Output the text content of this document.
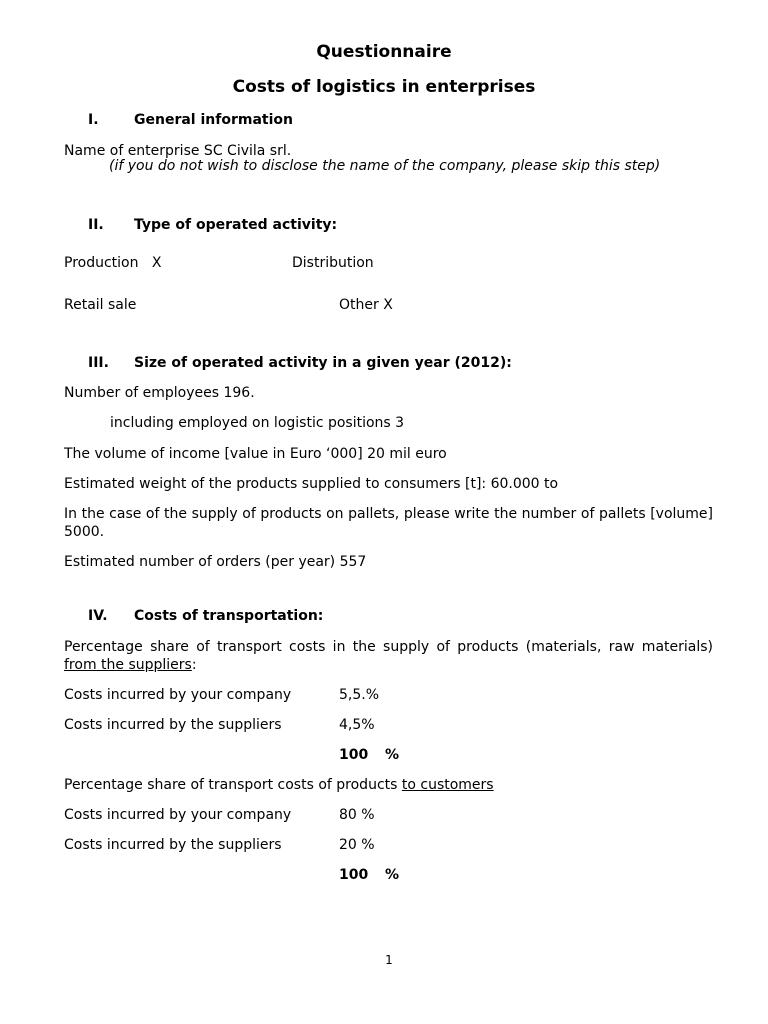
Questionnaire
Costs of logistics in enterprises
I.	General information
Name of enterprise SC Civila srl.
(if you do not wish to disclose the name of the company, please skip this step)
II. Type of operated activity:
Production   X	Distribution
Retail sale	Other X
III. Size of operated activity in a given year (2012):
Number of employees 196.
including employed on logistic positions 3
The volume of income [value in Euro ‘000] 20 mil euro
Estimated weight of the products supplied to consumers [t]: 60.000 to
In the case of the supply of products on pallets, please write the number of pallets [volume] 5000.
Estimated number of orders (per year) 557
IV. Costs of transportation:
Percentage share of transport costs in the supply of products (materials, raw materials) from the suppliers:
Costs incurred by your company	5,5.%
Costs incurred by the suppliers	4,5%
100 %
Percentage share of transport costs of products to customers
Costs incurred by your company	80 %
Costs incurred by the suppliers	20 %
100 %
1
